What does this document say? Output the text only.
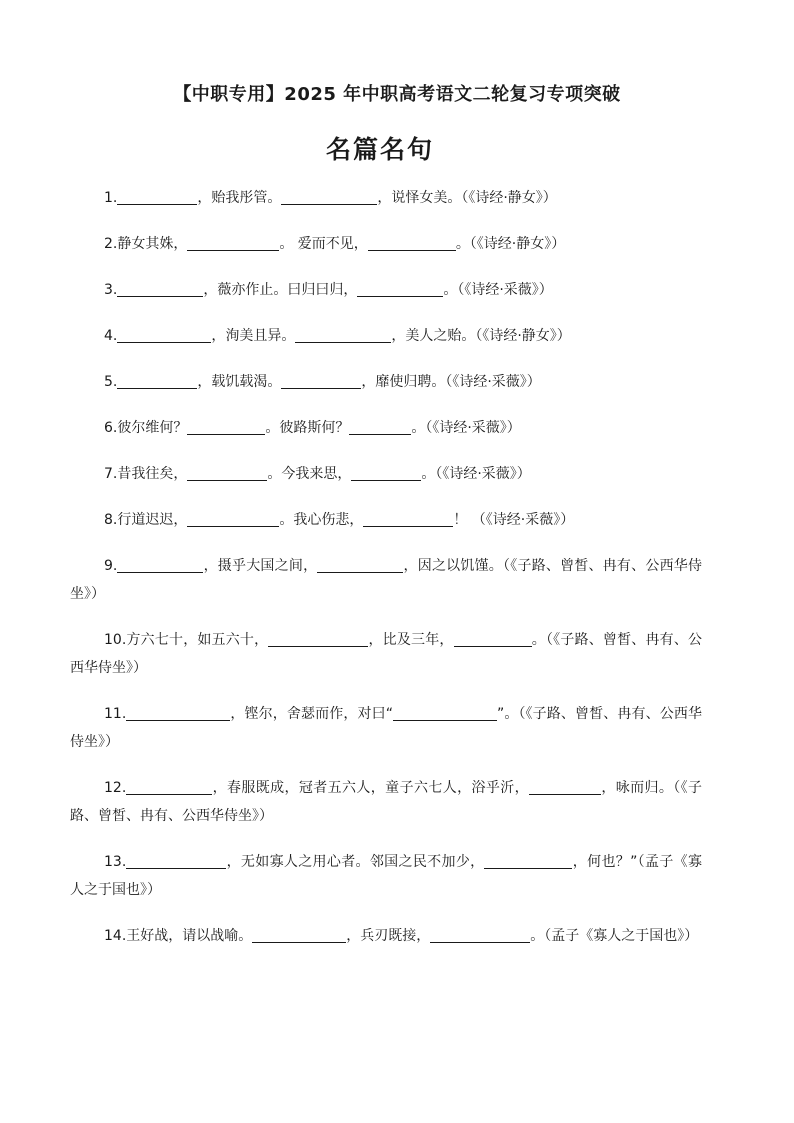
【中职专用】2025 年中职高考语文二轮复习专项突破
名篇名句
1.	，贻我彤管。	，说怿女美。（《诗经·静女》）
2.静女其姝，	。 爱而不见，	。（《诗经·静女》）
3.	，薇亦作止。曰归曰归，	。（《诗经·采薇》）
4.	，洵美且异。	，美人之贻。（《诗经·静女》）
5.	，载饥载渴。	，靡使归聘。（《诗经·采薇》）
6.彼尔维何？	。彼路斯何？	。（《诗经·采薇》）
7.昔我往矣，	。今我来思，	。（《诗经·采薇》）
8.行道迟迟，	。我心伤悲，	！ （《诗经·采薇》）
9.	，摄乎大国之间，	，因之以饥馑。（《子路、曾皙、冉有、公西华侍坐》）
10.方六七十，如五六十，	，比及三年，	。（《子路、曾皙、冉有、公西华侍坐》）
11.	，铿尔，舍瑟而作，对曰“	”。（《子路、曾皙、冉有、公西华侍坐》）
12.	，春服既成，冠者五六人，童子六七人，浴乎沂，	，咏而归。（《子路、曾皙、冉有、公西华侍坐》）
13.	，无如寡人之用心者。邻国之民不加少，	，何也？”（孟子《寡人之于国也》）
14.王好战，请以战喻。	，兵刃既接，	。（孟子《寡人之于国也》）
